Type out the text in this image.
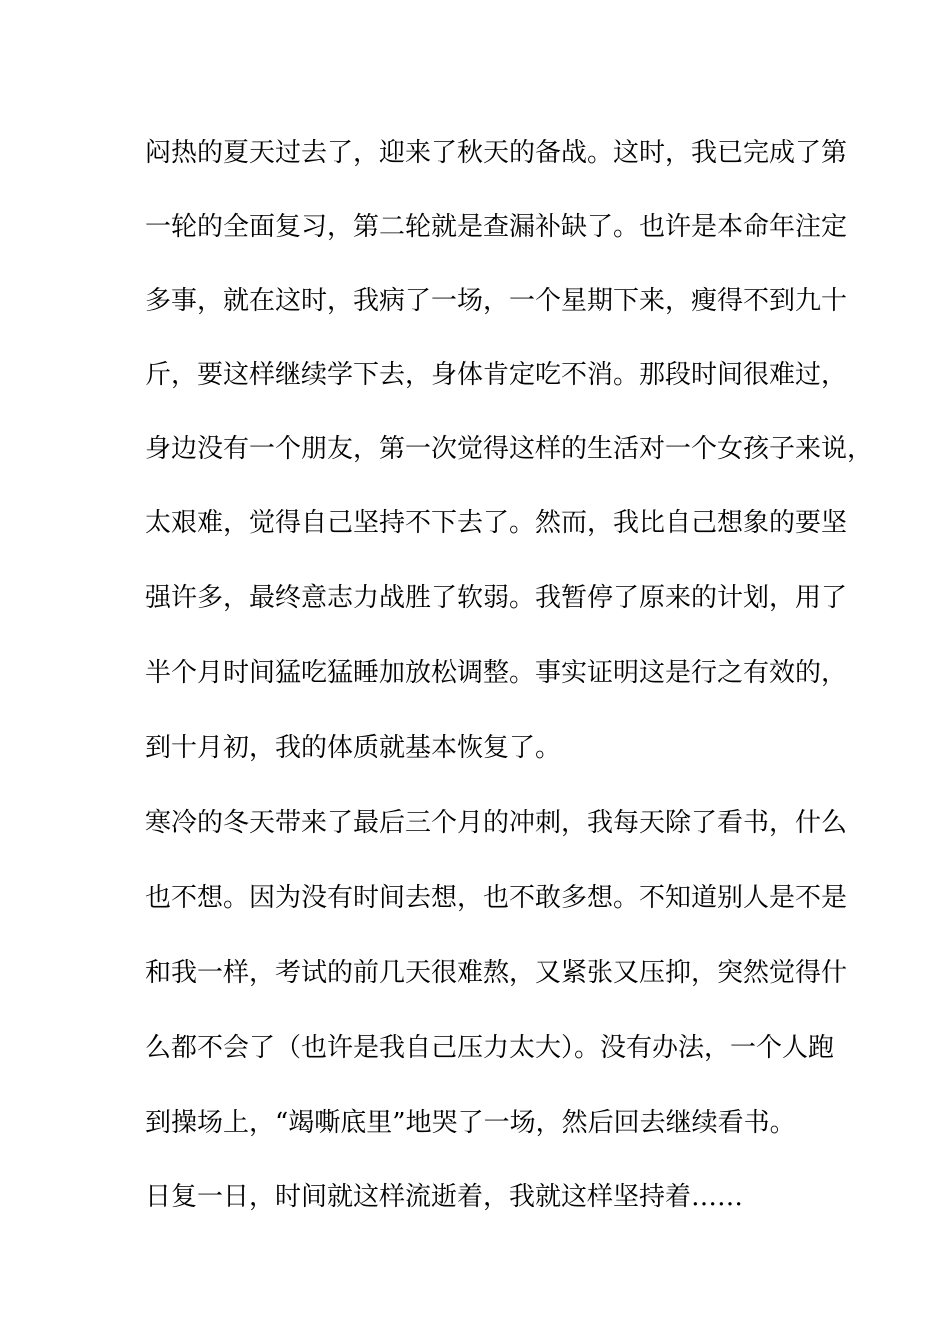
闷热的夏天过去了，迎来了秋天的备战。这时，我已完成了第

一轮的全面复习，第二轮就是查漏补缺了。也许是本命年注定

多事，就在这时，我病了一场，一个星期下来，瘦得不到九十

斤，要这样继续学下去，身体肯定吃不消。那段时间很难过，

身边没有一个朋友，第一次觉得这样的生活对一个女孩子来说，

太艰难，觉得自己坚持不下去了。然而，我比自己想象的要坚

强许多，最终意志力战胜了软弱。我暂停了原来的计划，用了

半个月时间猛吃猛睡加放松调整。事实证明这是行之有效的，

到十月初，我的体质就基本恢复了。

寒冷的冬天带来了最后三个月的冲刺，我每天除了看书，什么

也不想。因为没有时间去想，也不敢多想。不知道别人是不是

和我一样，考试的前几天很难熬，又紧张又压抑，突然觉得什

么都不会了（也许是我自己压力太大）。没有办法，一个人跑

到操场上，“竭嘶底里”地哭了一场，然后回去继续看书。

日复一日，时间就这样流逝着，我就这样坚持着……
